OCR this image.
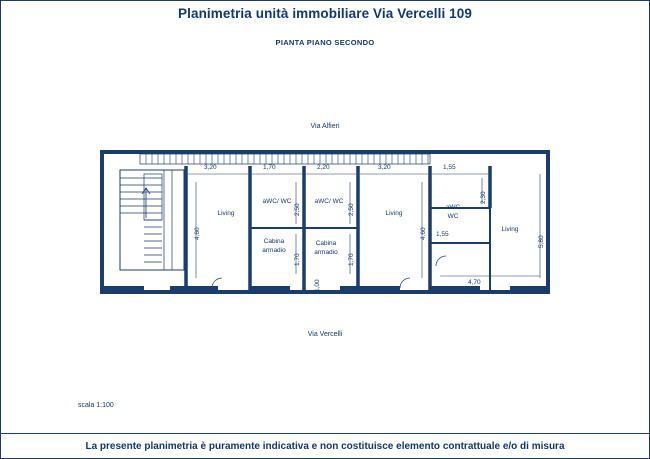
Planimetria unità immobiliare Via Vercelli 109
PIANTA PIANO SECONDO
Via Alfieri
Via Vercelli
scala 1:100
3,20	1,70	2,20	3,20	1,55
4,60
2,50
1,70
2,50
1,70
1,00
4,60
2,30
1,55
5,80
4,70
Living
aWC/ WC
Cabina
armadio
aWC/ WC
Cabina
armadio
Living
aWC
WC
Living
La presente planimetria è puramente indicativa e non costituisce elemento contrattuale e/o di misura
